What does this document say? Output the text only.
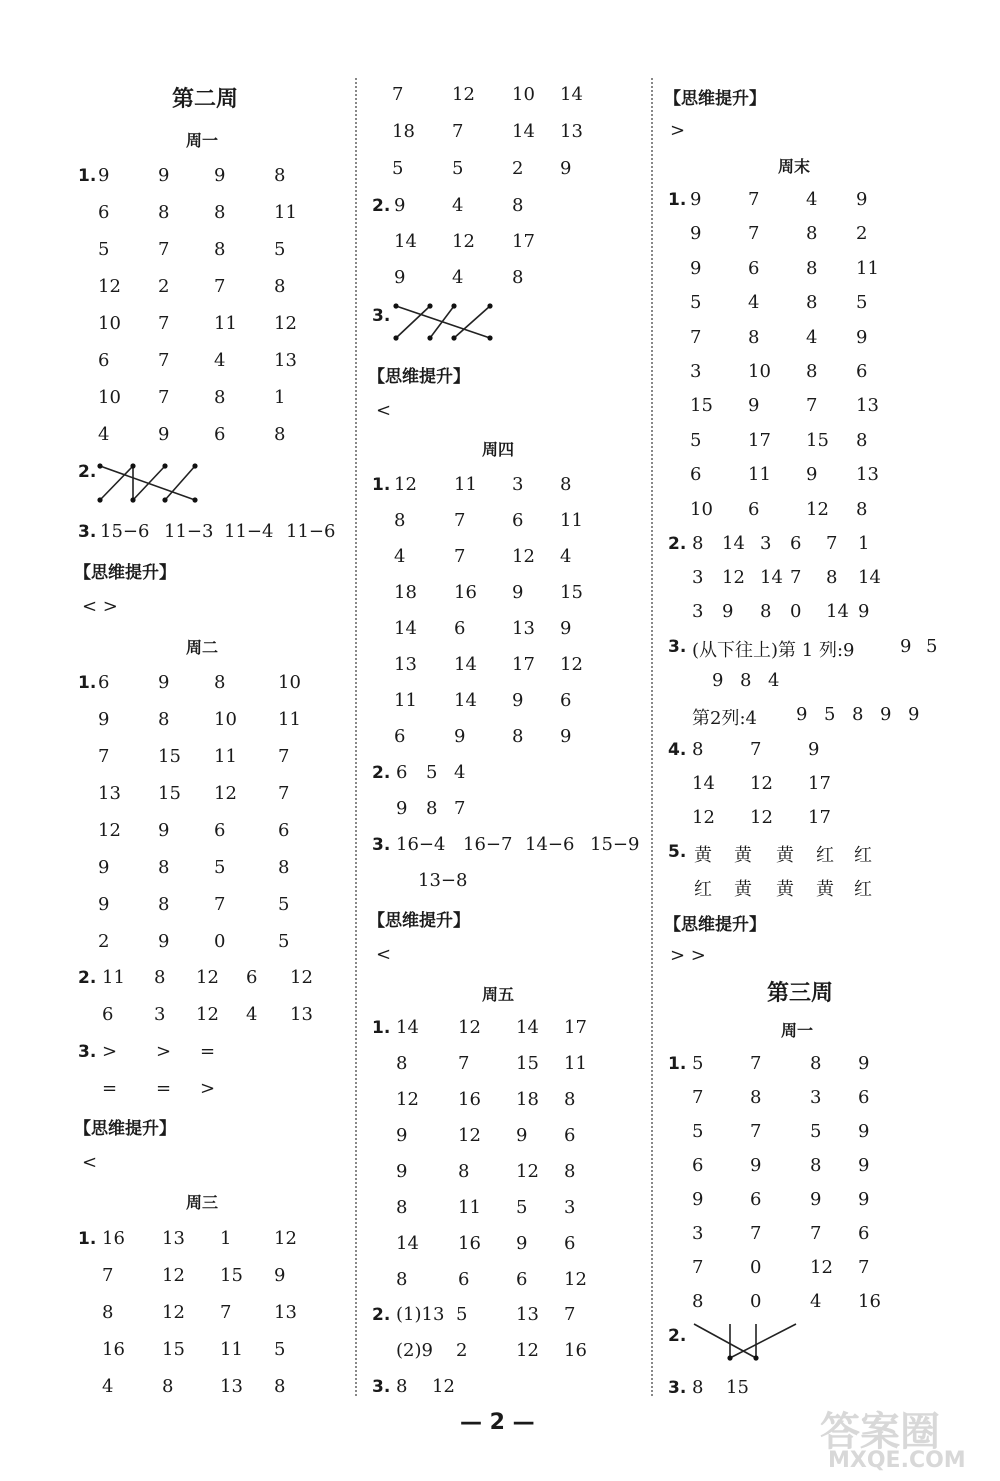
第二周
周一
1. 9	9 9	8
6	8 8	11
5	7 8	5
12 2 7	8
10 7 11 12
6	7 4	13
10 7 8	1
4	9 6	8
2.
3. 15−6 11−3 11−4 11−6
【思维提升】
< >
周二
1. 6	9 8	10
9	8 10 11
7	15 11 7
13 15 12 7
12 9 6	6
9	8 5	8
9	8 7	5
2	9 0	5
2. 11 8 12 6 12
6 3 12 4 13
3. > > =
= = >
【思维提升】
<
周三
1. 16 13 1 12
7	12 15 9
8	12 7 13
16 15 11 5
4	8	13 8
7	12 10 14
18 7	14 13
5	5	2 9
2. 9	4	8
14 12 17
9	4	8
3.
【思维提升】
<
周四
1. 12 11 3 8
8	7	6 11
4	7	12 4
18 16 9 15
14 6	13 9
13 14 17 12
11 14 9 6
6	9	8 9
2. 6 5 4
9 8 7
3. 16−4 16−7 14−6 15−9
13−8
【思维提升】
<
周五
1. 14 12 14 17
8	7	15 11
12 16 18 8
9	12 9 6
9	8	12 8
8	11 5 3
14 16 9 6
8	6	6 12
2. (1)13 5	13 7
(2)9 2	12 16
3. 8 12
【思维提升】
>
周末
1. 9	7	4 9
9	7	8 2
9	6	8 11
5	4	8 5
7	8	4 9
3	10 8 6
15 9	7 13
5	17 15 8
6	11 9 13
10 6	12 8
2. 8 14 3 6 7 1
3 12 14 7 8 14
3 9 8 0 14 9
3. (从下往上)第 1 列:9	9 5
9 8 4
第2列:4 9 5 8 9 9
4. 8	7	9
14 12 17
12 12 17
5. 黄 黄 黄 红 红
红 黄 黄 黄 红
【思维提升】
> >
第三周
周一
1. 5	7	8 9
7	8	3 6
5	7	5 9
6	9	8 9
9	6	9 9
3	7	7 6
7	0	12 7
8	0	4 16
2.
3. 8 15
— 2 —	答案圈
MXQE.COM
